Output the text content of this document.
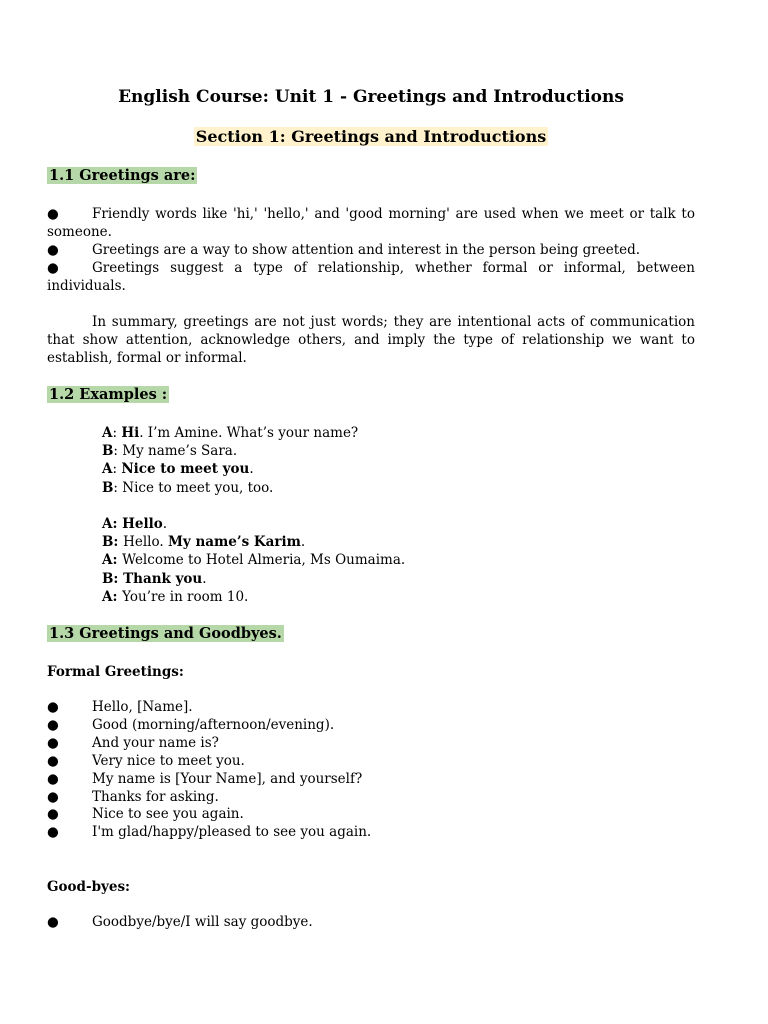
English Course: Unit 1 - Greetings and Introductions
Section 1: Greetings and Introductions
1.1 Greetings are:
● Friendly words like 'hi,' 'hello,' and 'good morning' are used when we meet or talk to someone.
● Greetings are a way to show attention and interest in the person being greeted.
● Greetings suggest a type of relationship, whether formal or informal, between individuals.
In summary, greetings are not just words; they are intentional acts of communication that show attention, acknowledge others, and imply the type of relationship we want to establish, formal or informal.
1.2 Examples :
A: Hi. I’m Amine. What’s your name?
B: My name’s Sara.
A: Nice to meet you.
B: Nice to meet you, too.
A: Hello.
B: Hello. My name’s Karim.
A: Welcome to Hotel Almeria, Ms Oumaima.
B: Thank you.
A: You’re in room 10.
1.3 Greetings and Goodbyes.
Formal Greetings:
● Hello, [Name].
● Good (morning/afternoon/evening).
● And your name is?
● Very nice to meet you.
● My name is [Your Name], and yourself?
● Thanks for asking.
● Nice to see you again.
● I'm glad/happy/pleased to see you again.
Good-byes:
● Goodbye/bye/I will say goodbye.
